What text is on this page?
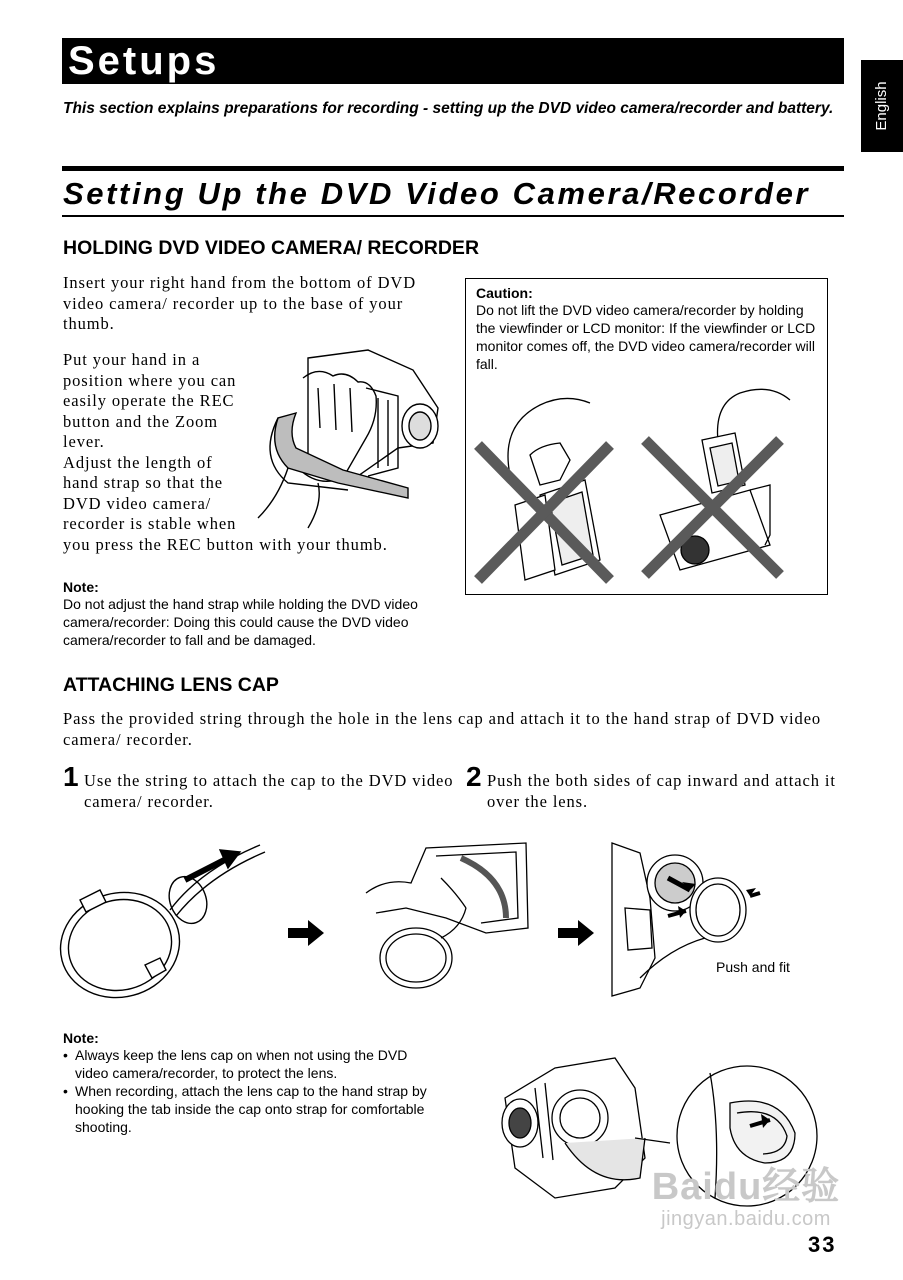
Setups
English
This section explains preparations for recording - setting up the DVD video camera/recorder and battery.
Setting Up the DVD Video Camera/Recorder
HOLDING DVD VIDEO CAMERA/ RECORDER
Insert your right hand from the bottom of DVD
video camera/ recorder up to the base of your
thumb.
Put your hand in a
position where you can
easily operate the REC
button and the Zoom
lever.
Adjust the length of
hand strap so that the
DVD video camera/
recorder is stable when
you press the REC button with your thumb.
Note:
Do not adjust the hand strap while holding the DVD video camera/recorder: Doing this could cause the DVD video camera/recorder to fall and be damaged.
Caution:
Do not lift the DVD video camera/recorder by holding the viewfinder or LCD monitor: If the viewfinder or LCD monitor comes off, the DVD video camera/recorder will fall.
ATTACHING LENS CAP
Pass the provided string through the hole in the lens cap and attach it to the hand strap of DVD video camera/ recorder.
1 Use the string to attach the cap to the DVD video camera/ recorder.
2 Push the both sides of cap inward and attach it over the lens.
Push and fit
Note:
• Always keep the lens cap on when not using the DVD video camera/recorder, to protect the lens.
• When recording, attach the lens cap to the hand strap by hooking the tab inside the cap onto strap for comfortable shooting.
Baidu经验
jingyan.baidu.com
33
